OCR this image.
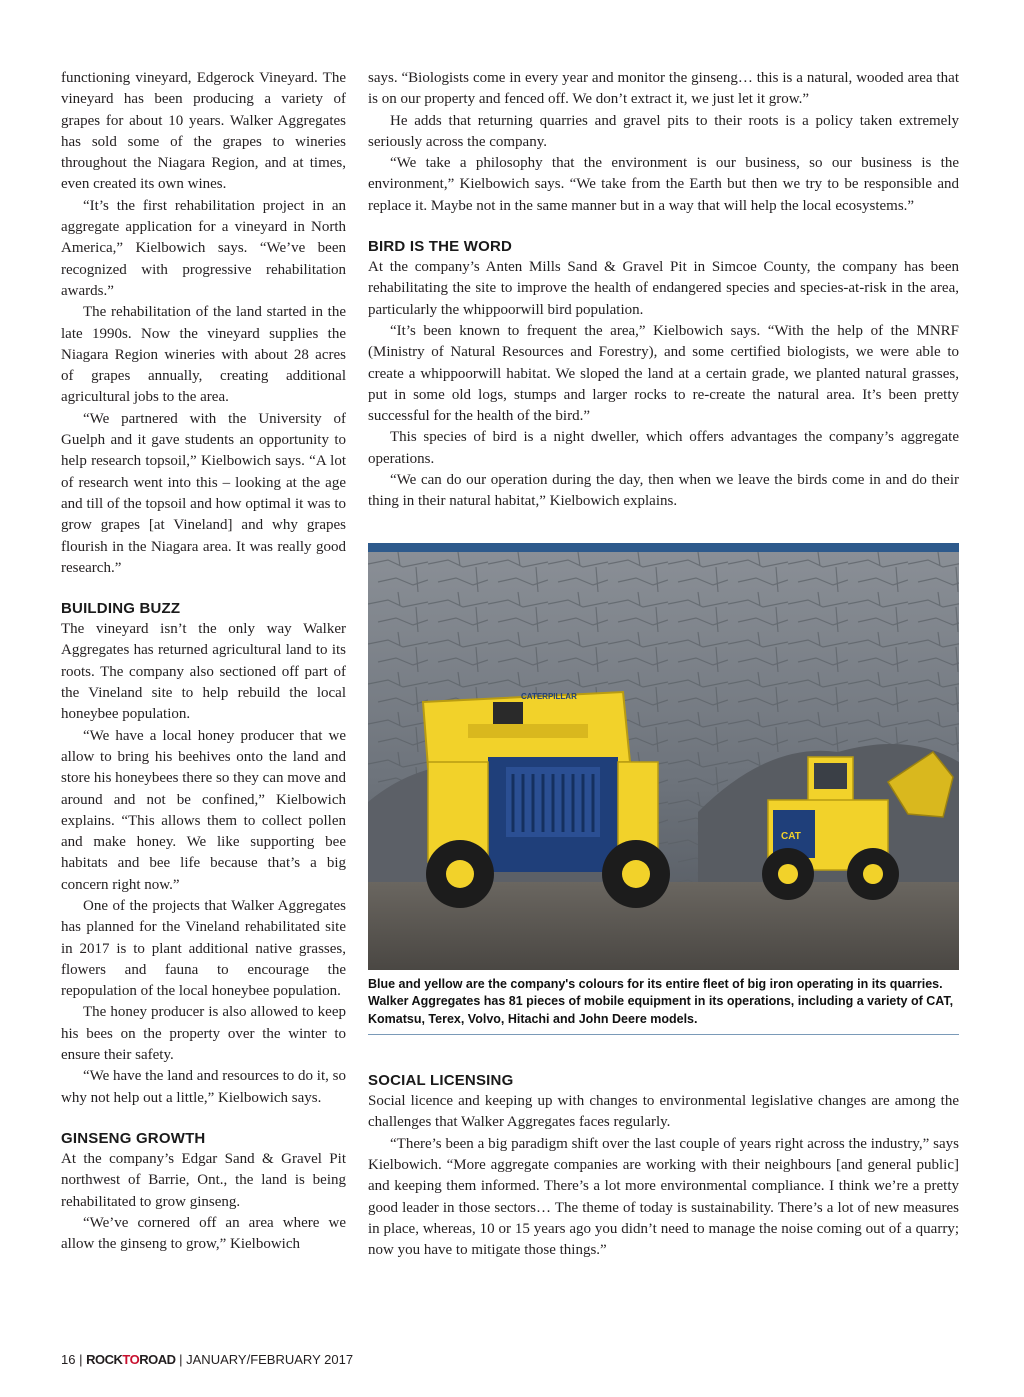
functioning vineyard, Edgerock Vineyard. The vineyard has been producing a variety of grapes for about 10 years. Walker Aggregates has sold some of the grapes to wineries throughout the Niagara Region, and at times, even created its own wines.

“It’s the first rehabilitation project in an aggregate application for a vineyard in North America,” Kielbowich says. “We’ve been recognized with progressive rehabilitation awards.”

The rehabilitation of the land started in the late 1990s. Now the vineyard supplies the Niagara Region wineries with about 28 acres of grapes annually, creating additional agricultural jobs to the area.

“We partnered with the University of Guelph and it gave students an opportunity to help research topsoil,” Kielbowich says. “A lot of research went into this – looking at the age and till of the topsoil and how optimal it was to grow grapes [at Vineland] and why grapes flourish in the Niagara area. It was really good research.”

BUILDING BUZZ

The vineyard isn’t the only way Walker Aggregates has returned agricultural land to its roots. The company also sectioned off part of the Vineland site to help rebuild the local honeybee population.

“We have a local honey producer that we allow to bring his beehives onto the land and store his honeybees there so they can move and around and not be confined,” Kielbowich explains. “This allows them to collect pollen and make honey. We like supporting bee habitats and bee life because that’s a big concern right now.”

One of the projects that Walker Aggregates has planned for the Vineland rehabilitated site in 2017 is to plant additional native grasses, flowers and fauna to encourage the repopulation of the local honeybee population.

The honey producer is also allowed to keep his bees on the property over the winter to ensure their safety.

“We have the land and resources to do it, so why not help out a little,” Kielbowich says.

GINSENG GROWTH

At the company’s Edgar Sand & Gravel Pit northwest of Barrie, Ont., the land is being rehabilitated to grow ginseng.

“We’ve cornered off an area where we allow the ginseng to grow,” Kielbowich

says. “Biologists come in every year and monitor the ginseng… this is a natural, wooded area that is on our property and fenced off. We don’t extract it, we just let it grow.”

He adds that returning quarries and gravel pits to their roots is a policy taken extremely seriously across the company.

“We take a philosophy that the environment is our business, so our business is the environment,” Kielbowich says. “We take from the Earth but then we try to be responsible and replace it. Maybe not in the same manner but in a way that will help the local ecosystems.”

BIRD IS THE WORD

At the company’s Anten Mills Sand & Gravel Pit in Simcoe County, the company has been rehabilitating the site to improve the health of endangered species and species-at-risk in the area, particularly the whippoorwill bird population.

“It’s been known to frequent the area,” Kielbowich says. “With the help of the MNRF (Ministry of Natural Resources and Forestry), and some certified biologists, we were able to create a whippoorwill habitat. We sloped the land at a certain grade, we planted natural grasses, put in some old logs, stumps and larger rocks to re-create the natural area. It’s been pretty successful for the health of the bird.”

This species of bird is a night dweller, which offers advantages the company’s aggregate operations.

“We can do our operation during the day, then when we leave the birds come in and do their thing in their natural habitat,” Kielbowich explains.

CATERPILLAR
CAT
Blue and yellow are the company's colours for its entire fleet of big iron operating in its quarries. Walker Aggregates has 81 pieces of mobile equipment in its operations, including a variety of CAT, Komatsu, Terex, Volvo, Hitachi and John Deere models.
SOCIAL LICENSING

Social licence and keeping up with changes to environmental legislative changes are among the challenges that Walker Aggregates faces regularly.

“There’s been a big paradigm shift over the last couple of years right across the industry,” says Kielbowich. “More aggregate companies are working with their neighbours [and general public] and keeping them informed. There’s a lot more environmental compliance. I think we’re a pretty good leader in those sectors… The theme of today is sustainability. There’s a lot of new measures in place, whereas, 10 or 15 years ago you didn’t need to manage the noise coming out of a quarry; now you have to mitigate those things.”

16 | ROCKTOROAD | JANUARY/FEBRUARY 2017
